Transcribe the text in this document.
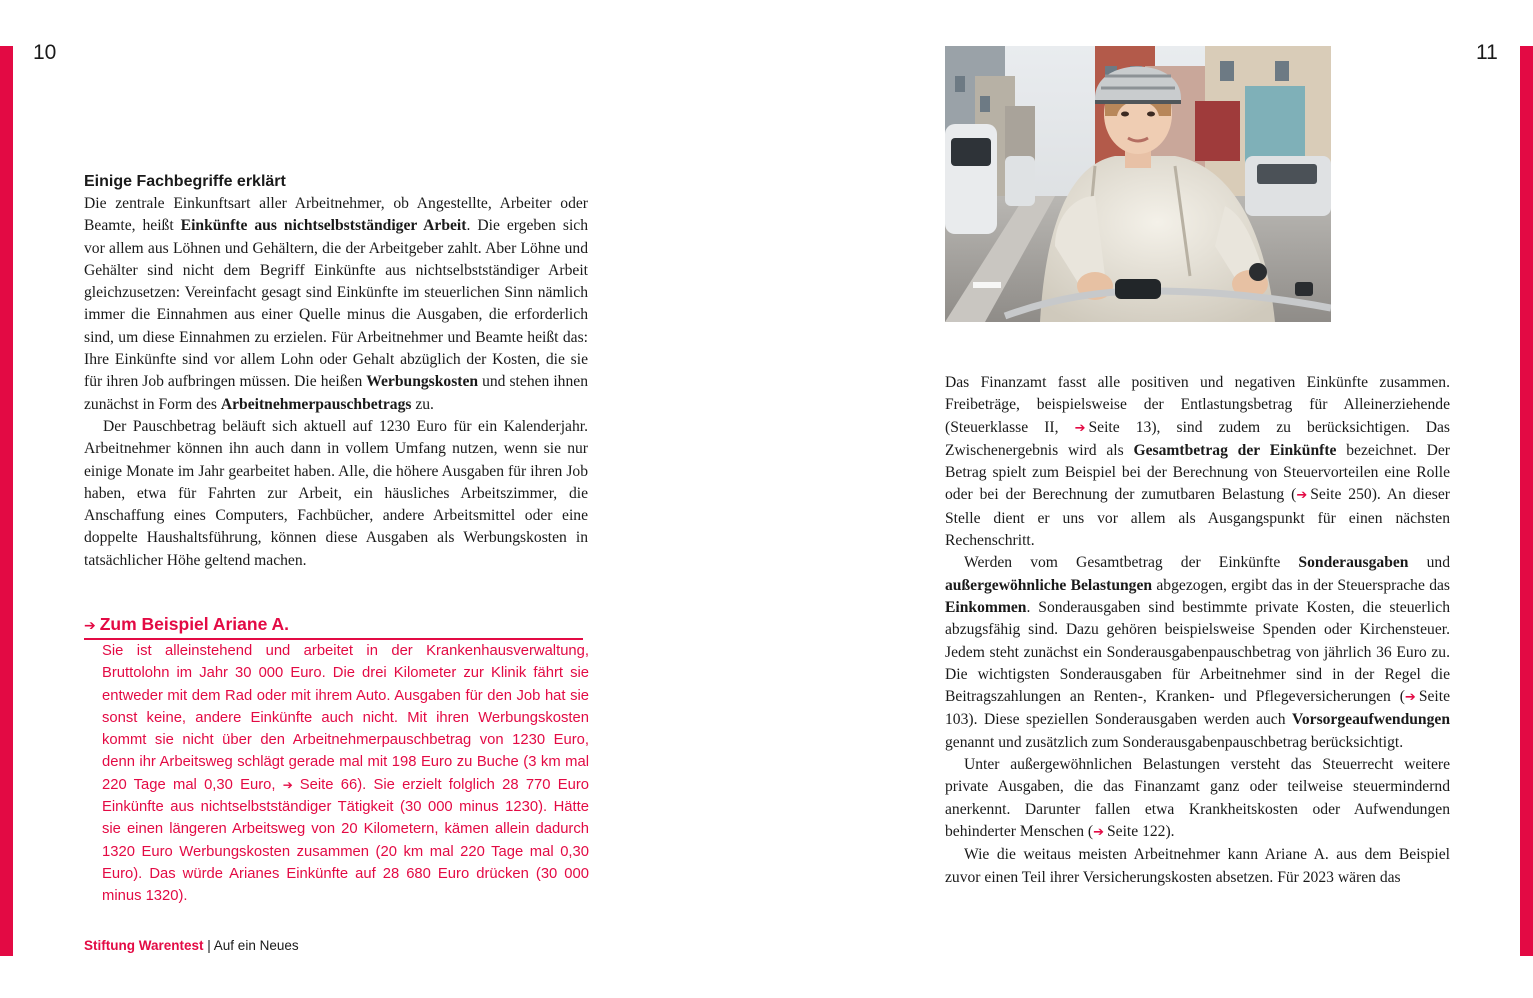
10	11
Einige Fachbegriffe erklärt

Die zentrale Einkunftsart aller Arbeitnehmer, ob Angestellte, Arbeiter oder Beamte, heißt Einkünfte aus nichtselbstständiger Arbeit. Die ergeben sich vor allem aus Löhnen und Gehältern, die der Arbeitgeber zahlt. Aber Löhne und Gehälter sind nicht dem Begriff Einkünfte aus nichtselbstständiger Arbeit gleichzusetzen: Vereinfacht gesagt sind Einkünfte im steuerlichen Sinn nämlich immer die Einnahmen aus einer Quelle minus die Ausgaben, die erforderlich sind, um diese Einnahmen zu erzielen. Für Arbeitnehmer und Beamte heißt das: Ihre Einkünfte sind vor allem Lohn oder Gehalt abzüglich der Kosten, die sie für ihren Job aufbringen müssen. Die heißen Werbungskosten und stehen ihnen zunächst in Form des Arbeitnehmerpauschbetrags zu.

Der Pauschbetrag beläuft sich aktuell auf 1230 Euro für ein Kalenderjahr. Arbeitnehmer können ihn auch dann in vollem Umfang nutzen, wenn sie nur einige Monate im Jahr gearbeitet haben. Alle, die höhere Ausgaben für ihren Job haben, etwa für Fahrten zur Arbeit, ein häusliches Arbeitszimmer, die Anschaffung eines Computers, Fachbücher, andere Arbeitsmittel oder eine doppelte Haushaltsführung, können diese Ausgaben als Werbungskosten in tatsächlicher Höhe geltend machen.

➔ Zum Beispiel Ariane A.
Sie ist alleinstehend und arbeitet in der Krankenhausverwaltung, Bruttolohn im Jahr 30 000 Euro. Die drei Kilometer zur Klinik fährt sie entweder mit dem Rad oder mit ihrem Auto. Ausgaben für den Job hat sie sonst keine, andere Einkünfte auch nicht. Mit ihren Werbungskosten kommt sie nicht über den Arbeitnehmerpauschbetrag von 1230 Euro, denn ihr Arbeitsweg schlägt gerade mal mit 198 Euro zu Buche (3 km mal 220 Tage mal 0,30 Euro, ➔ Seite 66). Sie erzielt folglich 28 770 Euro Einkünfte aus nichtselbstständiger Tätigkeit (30 000 minus 1230). Hätte sie einen längeren Arbeitsweg von 20 Kilometern, kämen allein dadurch 1320 Euro Werbungskosten zusammen (20 km mal 220 Tage mal 0,30 Euro). Das würde Arianes Einkünfte auf 28 680 Euro drücken (30 000 minus 1320).
Stiftung Warentest | Auf ein Neues

Das Finanzamt fasst alle positiven und negativen Einkünfte zusammen. Freibeträge, beispielsweise der Entlastungsbetrag für Alleinerziehende (Steuerklasse II, ➔ Seite 13), sind zudem zu berücksichtigen. Das Zwischenergebnis wird als Gesamtbetrag der Einkünfte bezeichnet. Der Betrag spielt zum Beispiel bei der Berechnung von Steuervorteilen eine Rolle oder bei der Berechnung der zumutbaren Belastung (➔ Seite 250). An dieser Stelle dient er uns vor allem als Ausgangspunkt für einen nächsten Rechenschritt.

Werden vom Gesamtbetrag der Einkünfte Sonderausgaben und außergewöhnliche Belastungen abgezogen, ergibt das in der Steuersprache das Einkommen. Sonderausgaben sind bestimmte private Kosten, die steuerlich abzugsfähig sind. Dazu gehören beispielsweise Spenden oder Kirchensteuer. Jedem steht zunächst ein Sonderausgabenpauschbetrag von jährlich 36 Euro zu. Die wichtigsten Sonderausgaben für Arbeitnehmer sind in der Regel die Beitragszahlungen an Renten-, Kranken- und Pflegeversicherungen (➔ Seite 103). Diese speziellen Sonderausgaben werden auch Vorsorgeaufwendungen genannt und zusätzlich zum Sonderausgabenpauschbetrag berücksichtigt.

Unter außergewöhnlichen Belastungen versteht das Steuerrecht weitere private Ausgaben, die das Finanzamt ganz oder teilweise steuermindernd anerkennt. Darunter fallen etwa Krankheitskosten oder Aufwendungen behinderter Menschen (➔ Seite 122).

Wie die weitaus meisten Arbeitnehmer kann Ariane A. aus dem Beispiel zuvor einen Teil ihrer Versicherungskosten absetzen. Für 2023 wären das
